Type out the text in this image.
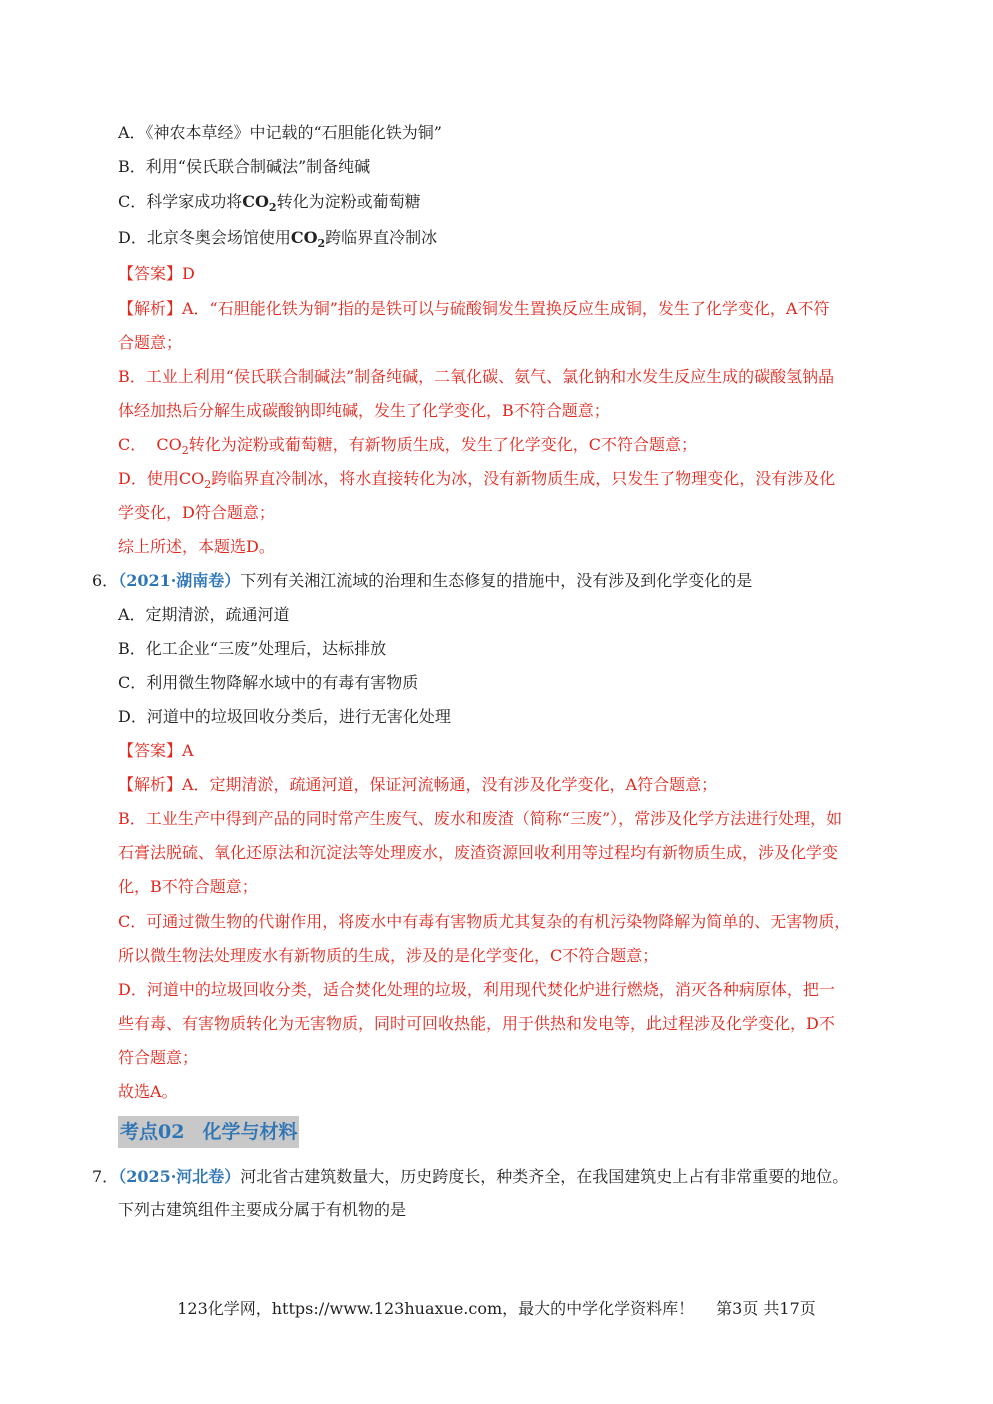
A．《神农本草经》中记载的“石胆能化铁为铜”
B．利用“侯氏联合制碱法”制备纯碱
C．科学家成功将$CO_2$转化为淀粉或葡萄糖
D．北京冬奥会场馆使用$CO_2$跨临界直冷制冰
【答案】D
【解析】A．“石胆能化铁为铜”指的是铁可以与硫酸铜发生置换反应生成铜，发生了化学变化，A不符
合题意；
B．工业上利用“侯氏联合制碱法”制备纯碱，二氧化碳、氨气、氯化钠和水发生反应生成的碳酸氢钠晶
体经加热后分解生成碳酸钠即纯碱，发生了化学变化，B不符合题意；
C． $CO_2$转化为淀粉或葡萄糖，有新物质生成，发生了化学变化，C不符合题意；
D．使用$CO_2$跨临界直冷制冰，将水直接转化为冰，没有新物质生成，只发生了物理变化，没有涉及化
学变化，D符合题意；
综上所述，本题选D。
6．（2021·湖南卷）下列有关湘江流域的治理和生态修复的措施中，没有涉及到化学变化的是
A．定期清淤，疏通河道
B．化工企业“三废”处理后，达标排放
C．利用微生物降解水域中的有毒有害物质
D．河道中的垃圾回收分类后，进行无害化处理
【答案】A
【解析】A．定期清淤，疏通河道，保证河流畅通，没有涉及化学变化，A符合题意；
B．工业生产中得到产品的同时常产生废气、废水和废渣（简称“三废”），常涉及化学方法进行处理，如
石膏法脱硫、氧化还原法和沉淀法等处理废水，废渣资源回收利用等过程均有新物质生成，涉及化学变
化，B不符合题意；
C．可通过微生物的代谢作用，将废水中有毒有害物质尤其复杂的有机污染物降解为简单的、无害物质，
所以微生物法处理废水有新物质的生成，涉及的是化学变化，C不符合题意；
D．河道中的垃圾回收分类，适合焚化处理的垃圾，利用现代焚化炉进行燃烧，消灭各种病原体，把一
些有毒、有害物质转化为无害物质，同时可回收热能，用于供热和发电等，此过程涉及化学变化，D不
符合题意；
故选A。
考点02 化学与材料
7．（2025·河北卷）河北省古建筑数量大，历史跨度长，种类齐全，在我国建筑史上占有非常重要的地位。
下列古建筑组件主要成分属于有机物的是
123化学网，https://www.123huaxue.com，最大的中学化学资料库！ 第3页 共17页
